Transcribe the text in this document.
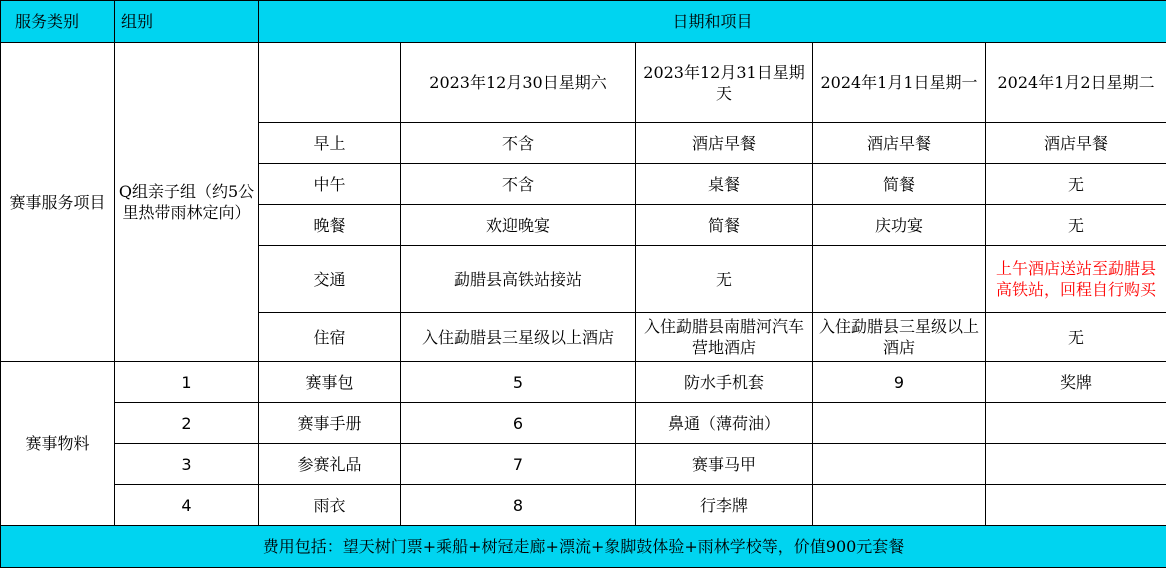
服务类别	组别	日期和项目				
赛事服务项目	Q组亲子组（约5公里热带雨林定向）		2023年12月30日星期六	2023年12月31日星期天	2024年1月1日星期一	2024年1月2日星期二
		早上	不含	酒店早餐	酒店早餐	酒店早餐
		中午	不含	桌餐	简餐	无
		晚餐	欢迎晚宴	简餐	庆功宴	无
		交通	勐腊县高铁站接站	无		上午酒店送站至勐腊县高铁站，回程自行购买
		住宿	入住勐腊县三星级以上酒店	入住勐腊县南腊河汽车营地酒店	入住勐腊县三星级以上酒店	无
赛事物料	1	赛事包	5	防水手机套	9	奖牌
	2	赛事手册	6	鼻通（薄荷油）		
	3	参赛礼品	7	赛事马甲		
	4	雨衣	8	行李牌		
费用包括：望天树门票+乘船+树冠走廊+漂流+象脚鼓体验+雨林学校等，价值900元套餐						
